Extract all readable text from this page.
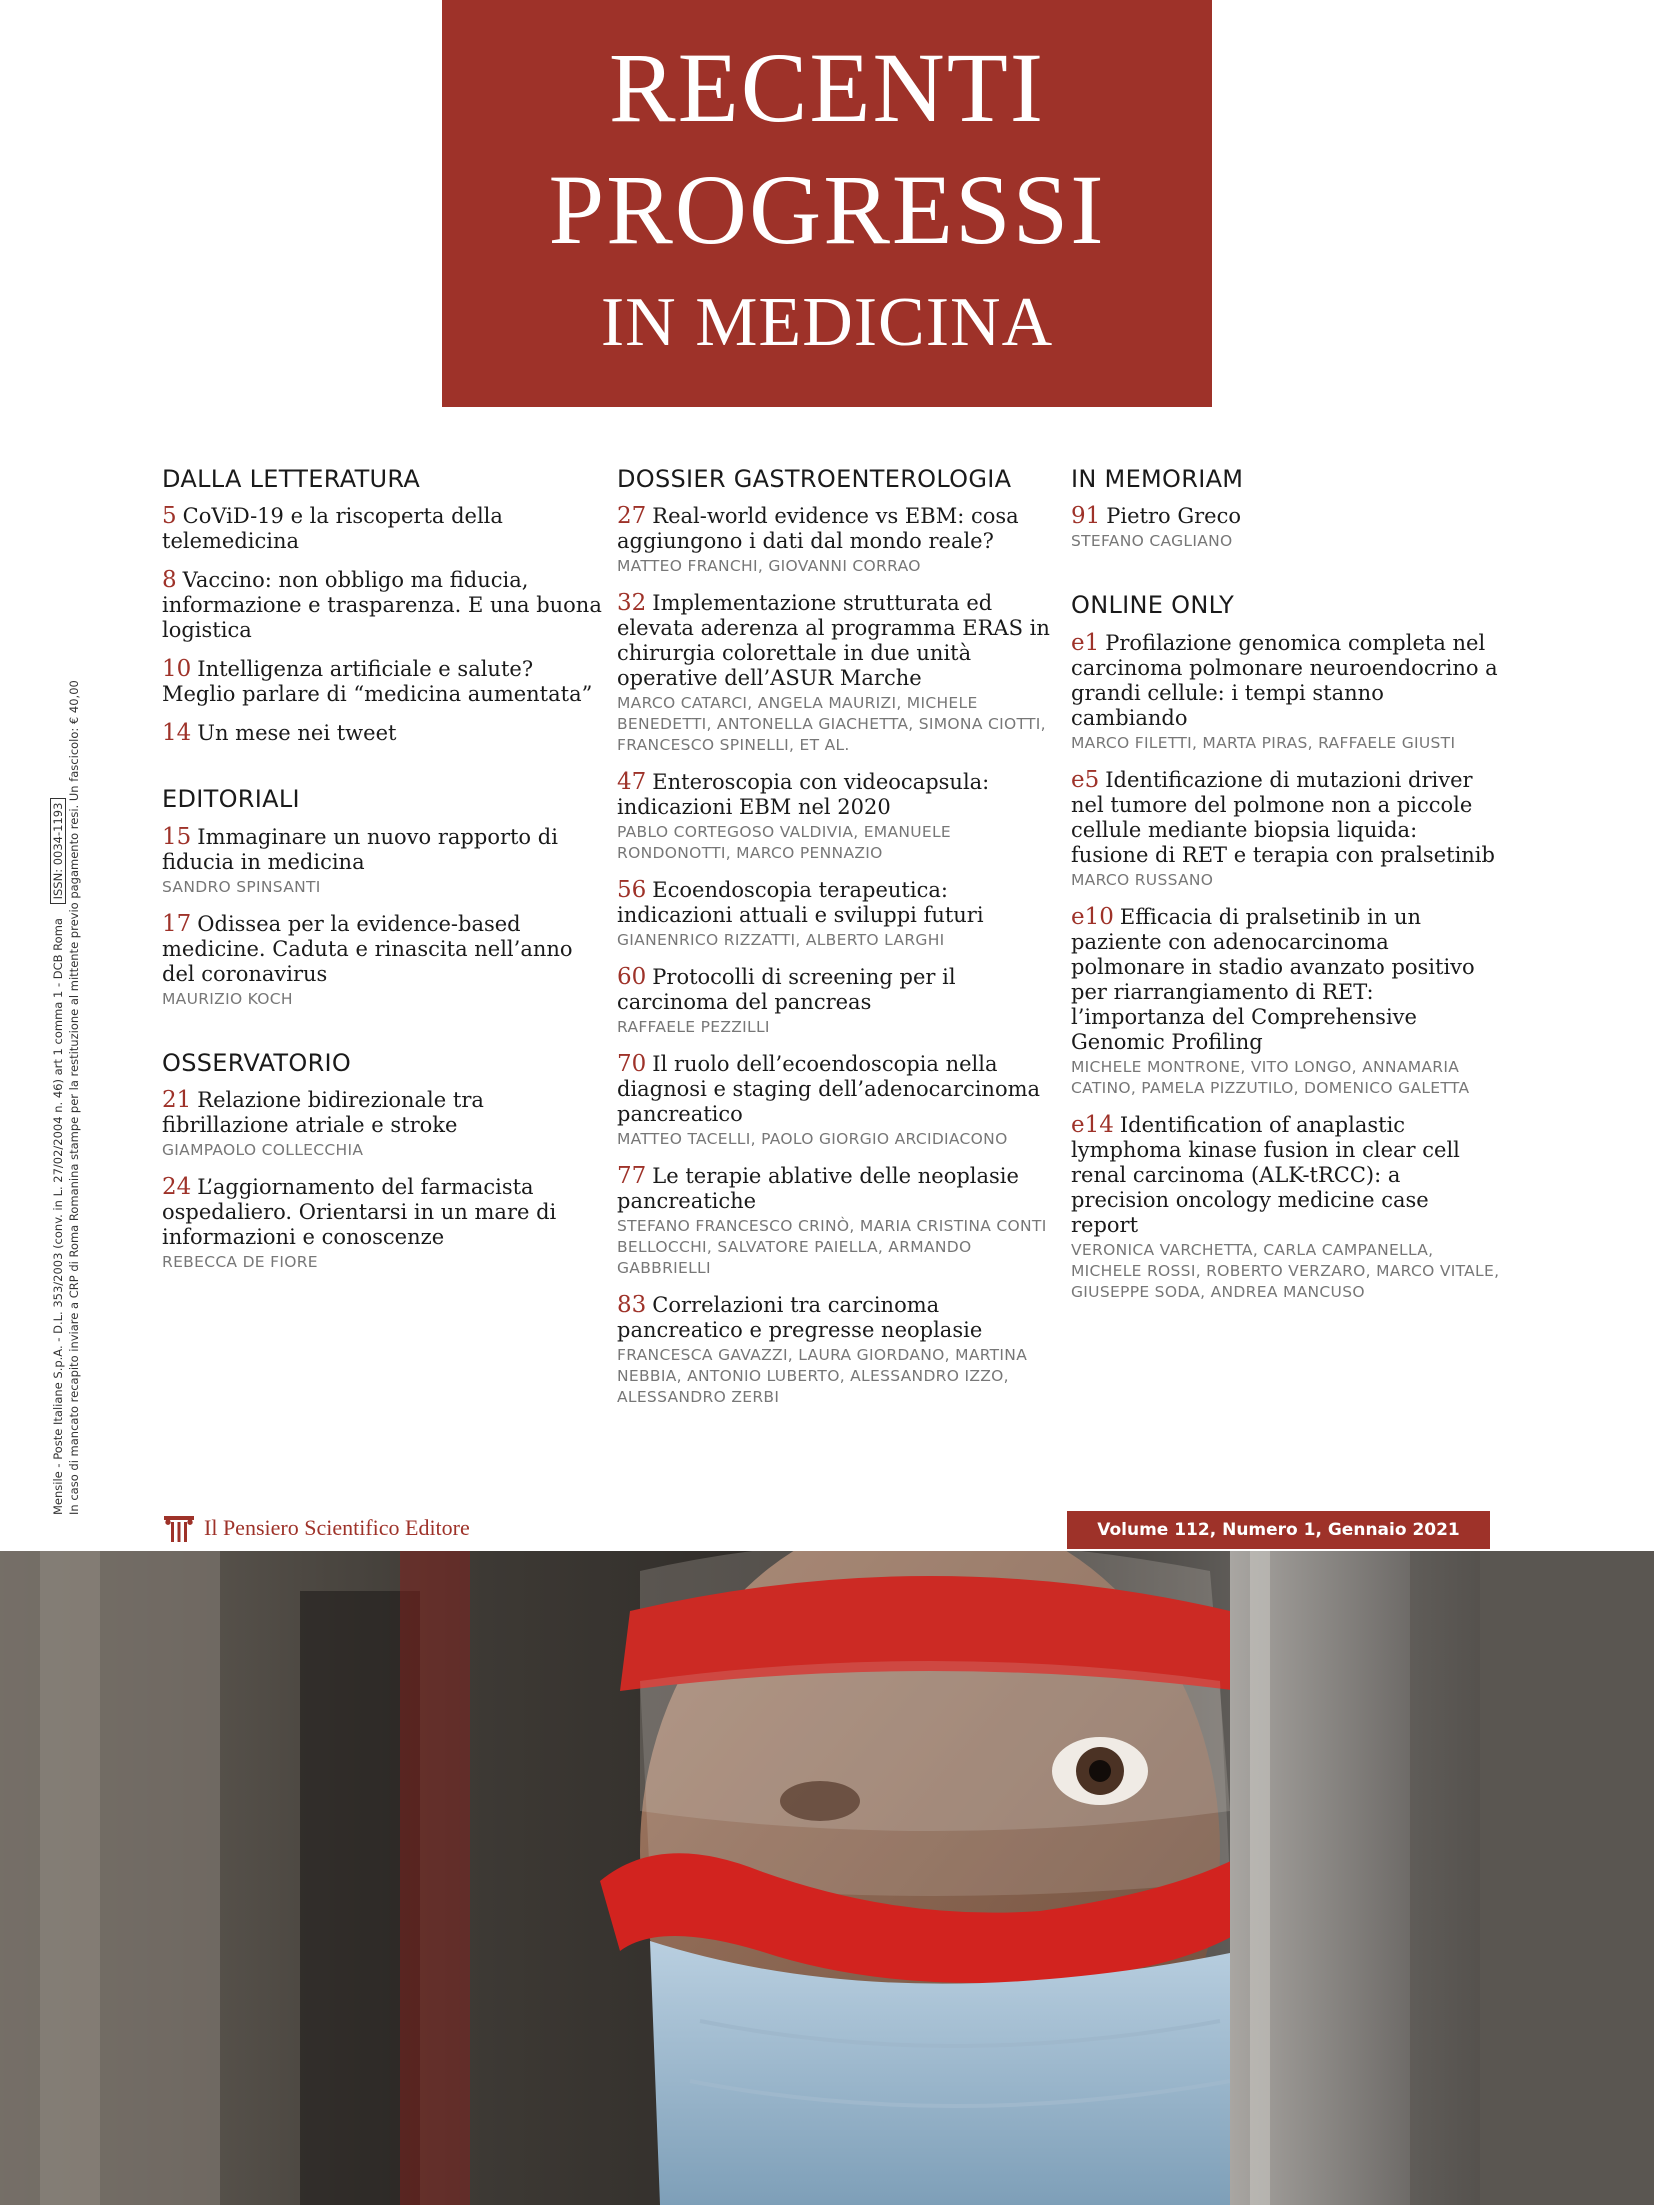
RECENTI
PROGRESSI
IN MEDICINA
DALLA LETTERATURA
5 CoViD-19 e la riscoperta della telemedicina
8 Vaccino: non obbligo ma fiducia, informazione e trasparenza. E una buona logistica
10 Intelligenza artificiale e salute? Meglio parlare di “medicina aumentata”
14 Un mese nei tweet
EDITORIALI
15 Immaginare un nuovo rapporto di fiducia in medicina
SANDRO SPINSANTI
17 Odissea per la evidence-based medicine. Caduta e rinascita nell’anno del coronavirus
MAURIZIO KOCH
OSSERVATORIO
21 Relazione bidirezionale tra fibrillazione atriale e stroke
GIAMPAOLO COLLECCHIA
24 L’aggiornamento del farmacista ospedaliero. Orientarsi in un mare di informazioni e conoscenze
REBECCA DE FIORE
DOSSIER GASTROENTEROLOGIA
27 Real-world evidence vs EBM: cosa aggiungono i dati dal mondo reale?
MATTEO FRANCHI, GIOVANNI CORRAO
32 Implementazione strutturata ed elevata aderenza al programma ERAS in chirurgia colorettale in due unità operative dell’ASUR Marche
MARCO CATARCI, ANGELA MAURIZI, MICHELE BENEDETTI, ANTONELLA GIACHETTA, SIMONA CIOTTI, FRANCESCO SPINELLI, ET AL.
47 Enteroscopia con videocapsula: indicazioni EBM nel 2020
PABLO CORTEGOSO VALDIVIA, EMANUELE RONDONOTTI, MARCO PENNAZIO
56 Ecoendoscopia terapeutica: indicazioni attuali e sviluppi futuri
GIANENRICO RIZZATTI, ALBERTO LARGHI
60 Protocolli di screening per il carcinoma del pancreas
RAFFAELE PEZZILLI
70 Il ruolo dell’ecoendoscopia nella diagnosi e staging dell’adenocarcinoma pancreatico
MATTEO TACELLI, PAOLO GIORGIO ARCIDIACONO
77 Le terapie ablative delle neoplasie pancreatiche
STEFANO FRANCESCO CRINÒ, MARIA CRISTINA CONTI BELLOCCHI, SALVATORE PAIELLA, ARMANDO GABBRIELLI
83 Correlazioni tra carcinoma pancreatico e pregresse neoplasie
FRANCESCA GAVAZZI, LAURA GIORDANO, MARTINA NEBBIA, ANTONIO LUBERTO, ALESSANDRO IZZO, ALESSANDRO ZERBI
IN MEMORIAM
91 Pietro Greco
STEFANO CAGLIANO
ONLINE ONLY
e1 Profilazione genomica completa nel carcinoma polmonare neuroendocrino a grandi cellule: i tempi stanno cambiando
MARCO FILETTI, MARTA PIRAS, RAFFAELE GIUSTI
e5 Identificazione di mutazioni driver nel tumore del polmone non a piccole cellule mediante biopsia liquida: fusione di RET e terapia con pralsetinib
MARCO RUSSANO
e10 Efficacia di pralsetinib in un paziente con adenocarcinoma polmonare in stadio avanzato positivo per riarrangiamento di RET: l’importanza del Comprehensive Genomic Profiling
MICHELE MONTRONE, VITO LONGO, ANNAMARIA CATINO, PAMELA PIZZUTILO, DOMENICO GALETTA
e14 Identification of anaplastic lymphoma kinase fusion in clear cell renal carcinoma (ALK-tRCC): a precision oncology medicine case report
VERONICA VARCHETTA, CARLA CAMPANELLA, MICHELE ROSSI, ROBERTO VERZARO, MARCO VITALE, GIUSEPPE SODA, ANDREA MANCUSO
Mensile - Poste Italiane S.p.A. - D.L. 353/2003 (conv. in L. 27/02/2004 n. 46) art 1 comma 1 - DCB Roma ISSN: 0034-1193 In caso di mancato recapito inviare a CRP di Roma Romanina stampe per la restituzione al mittente previo pagamento resi. Un fascicolo: € 40,00
Il Pensiero Scientifico Editore	Volume 112, Numero 1, Gennaio 2021
